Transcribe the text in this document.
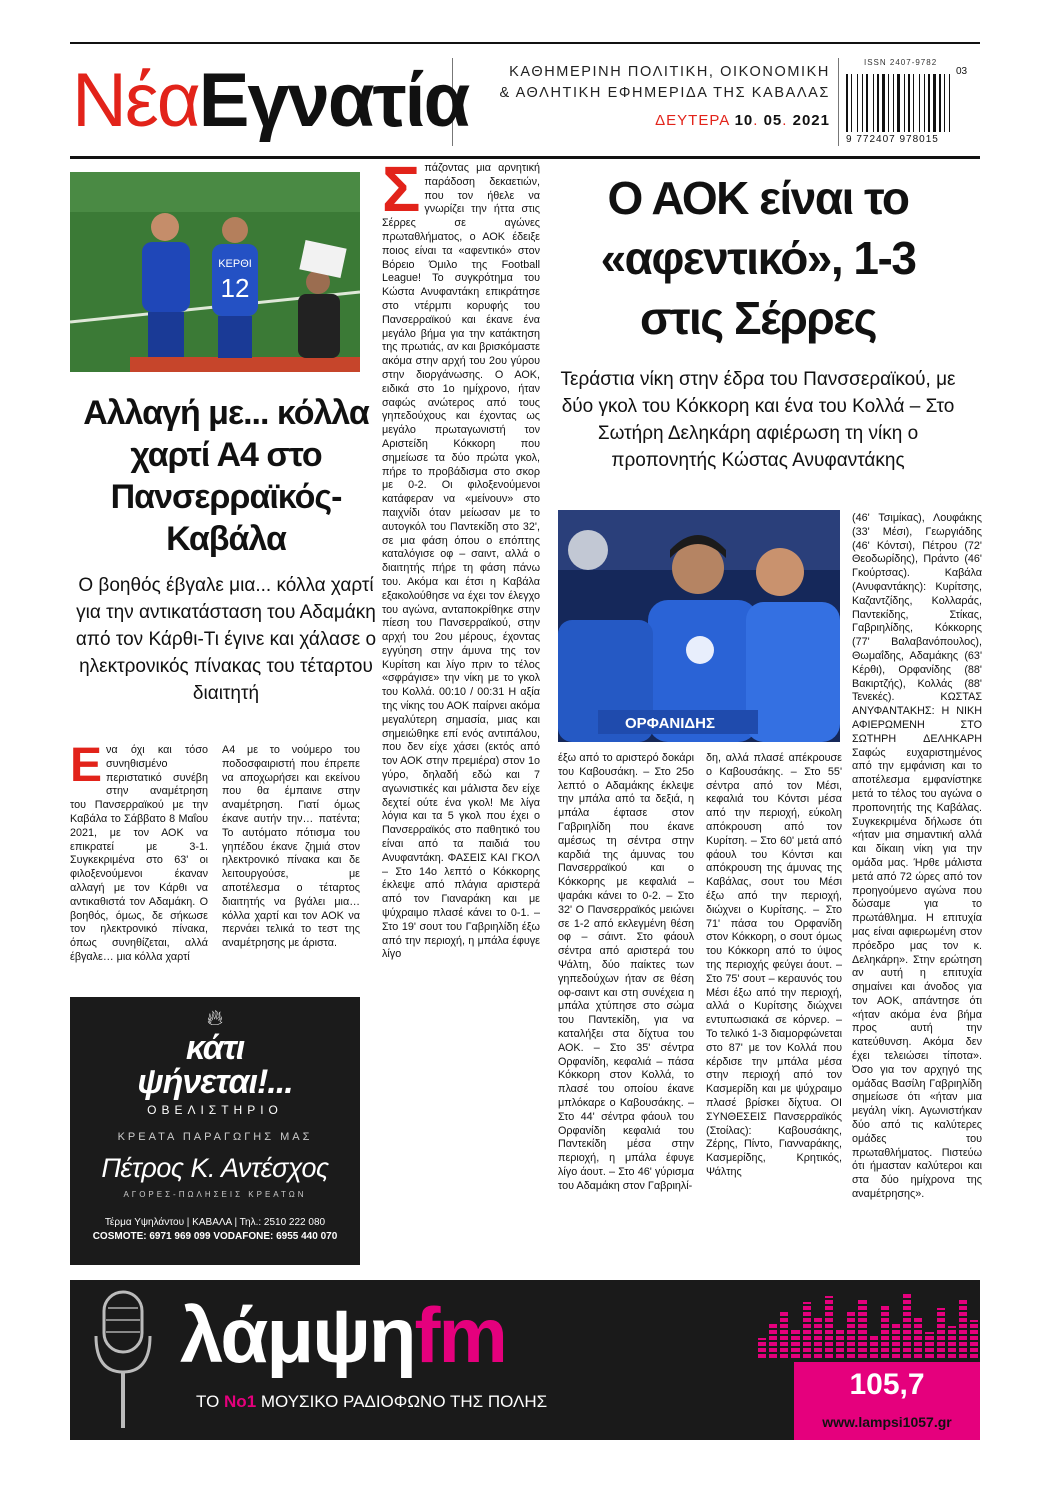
ΝέαΕγνατία	ΚΑΘΗΜΕΡΙΝΗ ΠΟΛΙΤΙΚΗ, ΟΙΚΟΝΟΜΙΚΗ
& ΑΘΛΗΤΙΚΗ ΕΦΗΜΕΡΙΔΑ ΤΗΣ ΚΑΒΑΛΑΣ
ΔΕΥΤΕΡΑ 10. 05. 2021
ISSN 2407-9782
9 772407 978015
03
ΚΕΡΘΙ
12
Αλλαγή με... κόλλα χαρτί Α4 στο Πανσερραϊκός-Καβάλα
Ο βοηθός έβγαλε μια... κόλλα χαρτί για την αντικατάσταση του Αδαμάκη από τον Κάρθι-Τι έγινε και χάλασε ο ηλεκτρονικός πίνακας του τέταρτου διαιτητή
Ε να όχι και τόσο συνηθισμένο περιστατικό συνέβη στην αναμέτρηση του Πανσερραϊκού με την Καβάλα το Σάββατο 8 Μαΐου 2021, με τον ΑΟΚ να επικρατεί με 3-1. Συγκεκριμένα στο 63' οι φιλοξενούμενοι έκαναν αλλαγή με τον Κάρθι να αντικαθιστά τον Αδαμάκη. Ο βοηθός, όμως, δε σήκωσε τον ηλεκτρονικό πίνακα, όπως συνηθίζεται, αλλά έβγαλε… μια κόλλα χαρτί
Α4 με το νούμερο του ποδοσφαιριστή που έπρεπε να αποχωρήσει και εκείνου που θα έμπαινε στην αναμέτρηση. Γιατί όμως έκανε αυτήν την… πατέντα; Το αυτόματο πότισμα του γηπέδου έκανε ζημιά στον ηλεκτρονικό πίνακα και δε λειτουργούσε, με αποτέλεσμα ο τέταρτος διαιτητής να βγάλει μια… κόλλα χαρτί και τον ΑΟΚ να περνάει τελικά το τεστ της αναμέτρησης με άριστα.
🔥︎
κάτι
ψήνεται!...
ΟΒΕΛΙΣΤΗΡΙΟ
ΚΡΕΑΤΑ ΠΑΡΑΓΩΓΗΣ ΜΑΣ
Πέτρος Κ. Αντέσχος
ΑΓΟΡΕΣ-ΠΩΛΗΣΕΙΣ ΚΡΕΑΤΩΝ
Τέρμα Υψηλάντου | ΚΑΒΑΛΑ | Τηλ.: 2510 222 080
COSMOTE: 6971 969 099 VODAFONE: 6955 440 070
Σ πάζοντας μια αρνητική παράδοση δεκαετιών, που τον ήθελε να γνωρίζει την ήττα στις Σέρρες σε αγώνες πρωταθλήματος, ο ΑΟΚ έδειξε ποιος είναι τα «αφεντικό» στον Βόρειο Όμιλο της Football League! Το συγκρότημα του Κώστα Ανυφαντάκη επικράτησε στο ντέρμπι κορυφής του Πανσερραϊκού και έκανε ένα μεγάλο βήμα για την κατάκτηση της πρωτιάς, αν και βρισκόμαστε ακόμα στην αρχή του 2ου γύρου στην διοργάνωσης. Ο ΑΟΚ, ειδικά στο 1ο ημίχρονο, ήταν σαφώς ανώτερος από τους γηπεδούχους και έχοντας ως μεγάλο πρωταγωνιστή τον Αριστείδη Κόκκορη που σημείωσε τα δύο πρώτα γκολ, πήρε το προβάδισμα στο σκορ με 0-2. Οι φιλοξενούμενοι κατάφεραν να «μείνουν» στο παιχνίδι όταν μείωσαν με το αυτογκόλ του Παντεκίδη στο 32', σε μια φάση όπου ο επόπτης καταλόγισε οφ – σαιντ, αλλά ο διαιτητής πήρε τη φάση πάνω του. Ακόμα και έτσι η Καβάλα εξακολούθησε να έχει τον έλεγχο του αγώνα, ανταποκρίθηκε στην πίεση του Πανσερραϊκού, στην αρχή του 2ου μέρους, έχοντας εγγύηση στην άμυνα της τον Κυρίτση και λίγο πριν το τέλος «σφράγισε» την νίκη με το γκολ του Κολλά. 00:10 / 00:31 Η αξία της νίκης του ΑΟΚ παίρνει ακόμα μεγαλύτερη σημασία, μιας και σημειώθηκε επί ενός αντιπάλου, που δεν είχε χάσει (εκτός από τον ΑΟΚ στην πρεμιέρα) στον 1ο γύρο, δηλαδή εδώ και 7 αγωνιστικές και μάλιστα δεν είχε δεχτεί ούτε ένα γκολ! Με λίγα λόγια και τα 5 γκολ που έχει ο Πανσερραϊκός στο παθητικό του είναι από τα παιδιά του Ανυφαντάκη. ΦΑΣΕΙΣ ΚΑΙ ΓΚΟΛ – Στο 14ο λεπτό ο Κόκκορης έκλεψε από πλάγια αριστερά από τον Γιαναράκη και με ψύχραιμο πλασέ κάνει το 0-1. – Στο 19' σουτ του Γαβριηλίδη έξω από την περιοχή, η μπάλα έφυγε λίγο
Ο ΑΟΚ είναι το
«αφεντικό», 1-3
στις Σέρρες
Τεράστια νίκη στην έδρα του Πανσσεραϊκού, με δύο γκολ του Κόκκορη και ένα του Κολλά – Στο Σωτήρη Δεληκάρη αφιέρωση τη νίκη ο προπονητής Κώστας Ανυφαντάκης
ΟΡΦΑΝΙΔΗΣ
(46' Τσιμίκας), Λουφάκης (33' Μέσι), Γεωργιάδης (46' Κόντσι), Πέτρου (72' Θεοδωρίδης), Πράντο (46' Γκούρτσας). Καβάλα (Ανυφαντάκης): Κυρίτσης, Καζαντζίδης, Κολλαράς, Παντεκίδης, Στίκας, Γαβριηλίδης, Κόκκορης (77' Βαλαβανόπουλος), Θωμαΐδης, Αδαμάκης (63' Κέρθι), Ορφανίδης (88' Βακιρτζής), Κολλάς (88' Τενεκές). ΚΩΣΤΑΣ ΑΝΥΦΑΝΤΑΚΗΣ: Η ΝΙΚΗ ΑΦΙΕΡΩΜΕΝΗ ΣΤΟ ΣΩΤΗΡΗ ΔΕΛΗΚΑΡΗ Σαφώς ευχαριστημένος από την εμφάνιση και το αποτέλεσμα εμφανίστηκε μετά το τέλος του αγώνα ο προπονητής της Καβάλας. Συγκεκριμένα δήλωσε ότι «ήταν μια σημαντική αλλά και δίκαιη νίκη για την ομάδα μας. Ήρθε μάλιστα μετά από 72 ώρες από τον προηγούμενο αγώνα που δώσαμε για το πρωτάθλημα. Η επιτυχία μας είναι αφιερωμένη στον πρόεδρο μας τον κ. Δεληκάρη». Στην ερώτηση αν αυτή η επιτυχία σημαίνει και άνοδος για τον ΑΟΚ, απάντησε ότι «ήταν ακόμα ένα βήμα προς αυτή την κατεύθυνση. Ακόμα δεν έχει τελειώσει τίποτα». Όσο για τον αρχηγό της ομάδας Βασίλη Γαβριηλίδη σημείωσε ότι «ήταν μια μεγάλη νίκη. Αγωνιστήκαν δύο από τις καλύτερες ομάδες του πρωταθλήματος. Πιστεύω ότι ήμασταν καλύτεροι και στα δύο ημίχρονα της αναμέτρησης».
έξω από το αριστερό δοκάρι του Καβουσάκη. – Στο 25ο λεπτό ο Αδαμάκης έκλεψε την μπάλα από τα δεξιά, η μπάλα έφτασε στον Γαβριηλίδη που έκανε αμέσως τη σέντρα στην καρδιά της άμυνας του Πανσερραϊκού και ο Κόκκορης με κεφαλιά – ψαράκι κάνει το 0-2. – Στο 32' Ο Πανσερραϊκός μειώνει σε 1-2 από εκλεγμένη θέση οφ – σάιντ. Στο φάουλ σέντρα από αριστερά του Ψάλτη, δύο παίκτες των γηπεδούχων ήταν σε θέση οφ-σαιντ και στη συνέχεια η μπάλα χτύπησε στο σώμα του Παντεκίδη, για να καταλήξει στα δίχτυα του ΑΟΚ. – Στο 35' σέντρα Ορφανίδη, κεφαλιά – πάσα Κόκκορη στον Κολλά, το πλασέ του οποίου έκανε μπλόκαρε ο Καβουσάκης. – Στο 44' σέντρα φάουλ του Ορφανίδη κεφαλιά του Παντεκίδη μέσα στην περιοχή, η μπάλα έφυγε λίγο άουτ. – Στο 46' γύρισμα του Αδαμάκη στον Γαβριηλί-
δη, αλλά πλασέ απέκρουσε ο Καβουσάκης. – Στο 55' σέντρα από τον Μέσι, κεφαλιά του Κόντσι μέσα από την περιοχή, εύκολη απόκρουση από τον Κυρίτση. – Στο 60' μετά από φάουλ του Κόντσι και απόκρουση της άμυνας της Καβάλας, σουτ του Μέσι έξω από την περιοχή, διώχνει ο Κυρίτσης. – Στο 71' πάσα του Ορφανίδη στον Κόκκορη, ο σουτ όμως του Κόκκορη από το ύψος της περιοχής φεύγει άουτ. – Στο 75' σουτ – κεραυνός του Μέσι έξω από την περιοχή, αλλά ο Κυρίτσης διώχνει εντυπωσιακά σε κόρνερ. – Το τελικό 1-3 διαμορφώνεται στο 87' με τον Κολλά που κέρδισε την μπάλα μέσα στην περιοχή από τον Κασμερίδη και με ψύχραιμο πλασέ βρίσκει δίχτυα. ΟΙ ΣΥΝΘΕΣΕΙΣ Πανσερραϊκός (Στοίλας): Καβουσάκης, Ζέρης, Πίντο, Γιανναράκης, Κασμερίδης, Κρητικός, Ψάλτης
λάμψηfm
ΤΟ No1 ΜΟΥΣΙΚΟ ΡΑΔΙΟΦΩΝΟ ΤΗΣ ΠΟΛΗΣ
105,7
www.lampsi1057.gr
